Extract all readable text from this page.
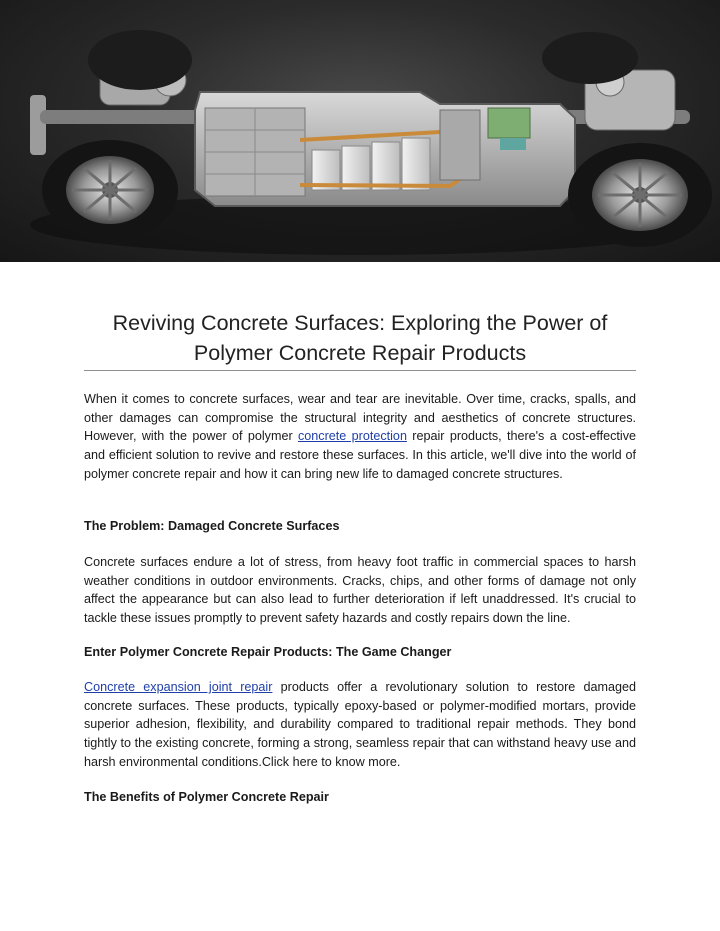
Reviving Concrete Surfaces: Exploring the Power of Polymer Concrete Repair Products

When it comes to concrete surfaces, wear and tear are inevitable. Over time, cracks, spalls, and other damages can compromise the structural integrity and aesthetics of concrete structures. However, with the power of polymer concrete protection repair products, there's a cost-effective and efficient solution to revive and restore these surfaces. In this article, we'll dive into the world of polymer concrete repair and how it can bring new life to damaged concrete structures.

The Problem: Damaged Concrete Surfaces

Concrete surfaces endure a lot of stress, from heavy foot traffic in commercial spaces to harsh weather conditions in outdoor environments. Cracks, chips, and other forms of damage not only affect the appearance but can also lead to further deterioration if left unaddressed. It's crucial to tackle these issues promptly to prevent safety hazards and costly repairs down the line.

Enter Polymer Concrete Repair Products: The Game Changer

Concrete expansion joint repair products offer a revolutionary solution to restore damaged concrete surfaces. These products, typically epoxy-based or polymer-modified mortars, provide superior adhesion, flexibility, and durability compared to traditional repair methods. They bond tightly to the existing concrete, forming a strong, seamless repair that can withstand heavy use and harsh environmental conditions.Click here to know more.

The Benefits of Polymer Concrete Repair
